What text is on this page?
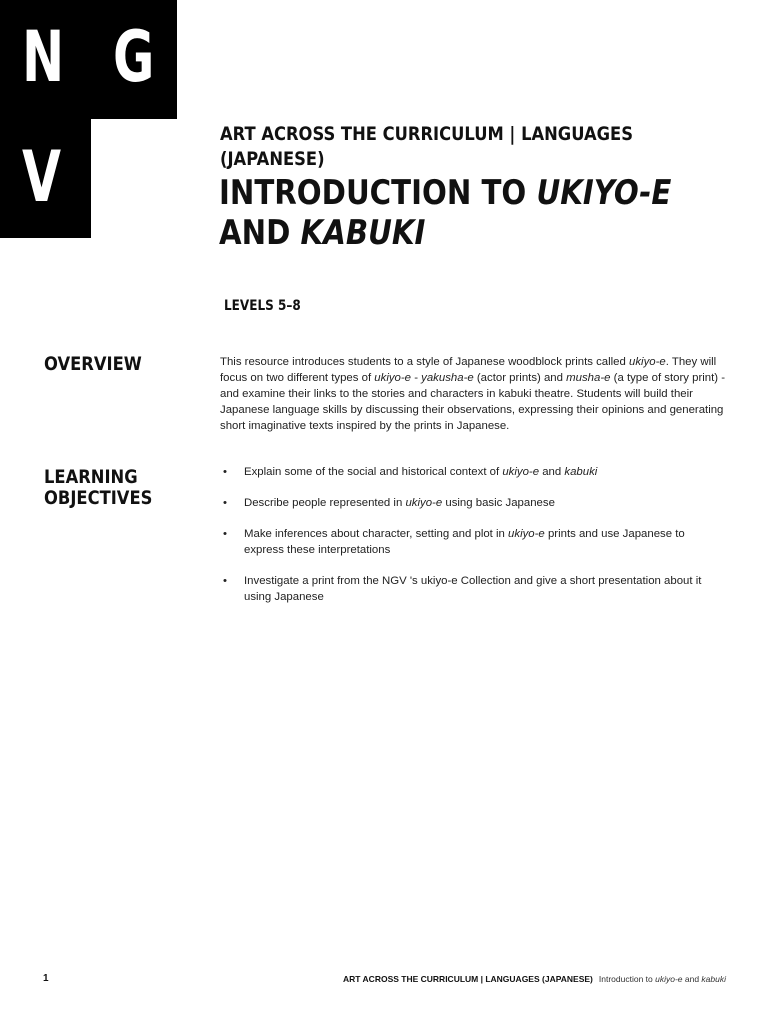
N G
V
ART ACROSS THE CURRICULUM | LANGUAGES
(JAPANESE)
INTRODUCTION TO UKIYO-E
AND KABUKI
LEVELS 5–8
OVERVIEW	This resource introduces students to a style of Japanese woodblock prints called ukiyo-e. They will focus on two different types of ukiyo-e - yakusha-e (actor prints) and musha-e (a type of story print) - and examine their links to the stories and characters in kabuki theatre. Students will build their Japanese language skills by discussing their observations, expressing their opinions and generating short imaginative texts inspired by the prints in Japanese.
LEARNING
OBJECTIVES
• Explain some of the social and historical context of ukiyo-e and kabuki
• Describe people represented in ukiyo-e using basic Japanese
• Make inferences about character, setting and plot in ukiyo-e prints and use Japanese to express these interpretations
• Investigate a print from the NGV 's ukiyo-e Collection and give a short presentation about it using Japanese
1	ART ACROSS THE CURRICULUM | LANGUAGES (JAPANESE) Introduction to ukiyo-e and kabuki
